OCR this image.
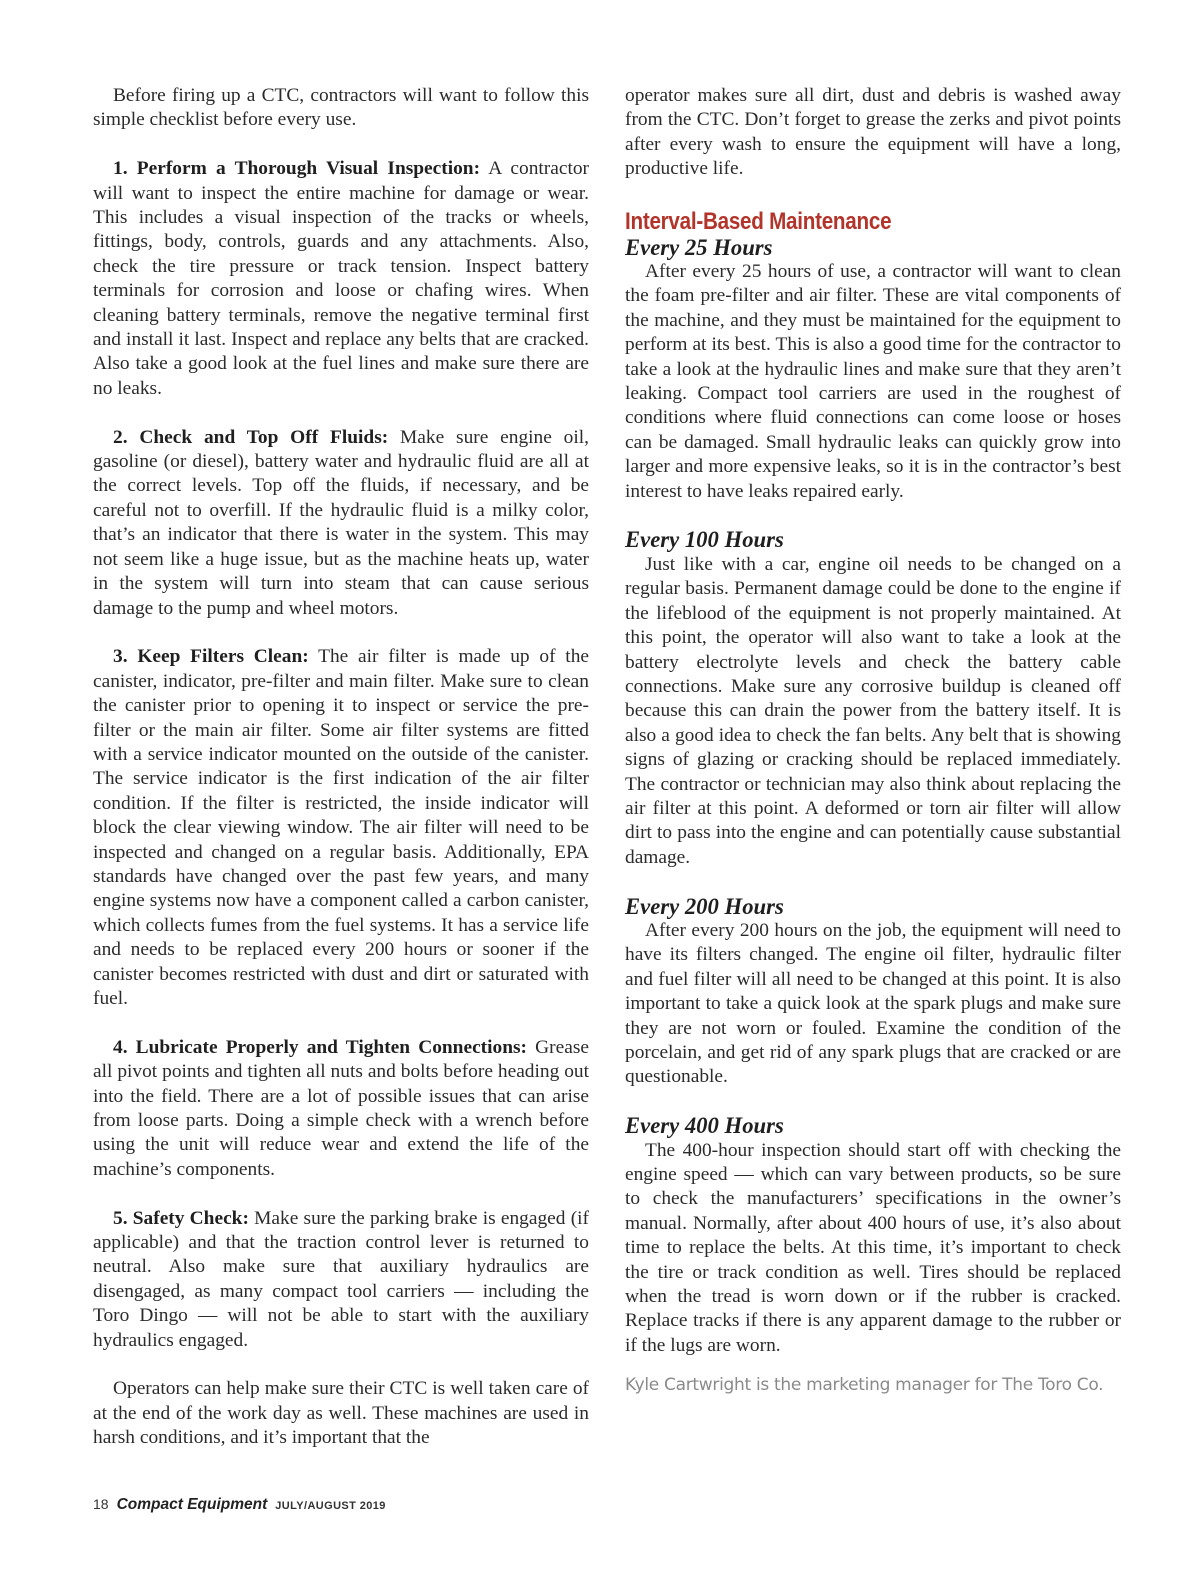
Before firing up a CTC, contractors will want to follow this simple checklist before every use.

1. Perform a Thorough Visual Inspection: A contractor will want to inspect the entire machine for damage or wear. This includes a visual inspection of the tracks or wheels, fittings, body, controls, guards and any attachments. Also, check the tire pressure or track tension. Inspect battery terminals for corrosion and loose or chafing wires. When cleaning battery terminals, remove the negative terminal first and install it last. Inspect and replace any belts that are cracked. Also take a good look at the fuel lines and make sure there are no leaks.

2. Check and Top Off Fluids: Make sure engine oil, gasoline (or diesel), battery water and hydraulic fluid are all at the correct levels. Top off the fluids, if necessary, and be careful not to overfill. If the hydraulic fluid is a milky color, that’s an indicator that there is water in the system. This may not seem like a huge issue, but as the machine heats up, water in the system will turn into steam that can cause serious damage to the pump and wheel motors.

3. Keep Filters Clean: The air filter is made up of the canister, indicator, pre-filter and main filter. Make sure to clean the canister prior to opening it to inspect or service the pre-filter or the main air filter. Some air filter systems are fitted with a service indicator mounted on the outside of the canister. The service indicator is the first indication of the air filter condition. If the filter is restricted, the inside indicator will block the clear viewing window. The air filter will need to be inspected and changed on a regular basis. Additionally, EPA standards have changed over the past few years, and many engine systems now have a component called a carbon canister, which collects fumes from the fuel systems. It has a service life and needs to be replaced every 200 hours or sooner if the canister becomes restricted with dust and dirt or saturated with fuel.

4. Lubricate Properly and Tighten Connections: Grease all pivot points and tighten all nuts and bolts before heading out into the field. There are a lot of possible issues that can arise from loose parts. Doing a simple check with a wrench before using the unit will reduce wear and extend the life of the machine’s components.

5. Safety Check: Make sure the parking brake is engaged (if applicable) and that the traction control lever is returned to neutral. Also make sure that auxiliary hydraulics are disengaged, as many compact tool carriers — including the Toro Dingo — will not be able to start with the auxiliary hydraulics engaged.

Operators can help make sure their CTC is well taken care of at the end of the work day as well. These machines are used in harsh conditions, and it’s important that the

operator makes sure all dirt, dust and debris is washed away from the CTC. Don’t forget to grease the zerks and pivot points after every wash to ensure the equipment will have a long, productive life.

Interval-Based Maintenance
Every 25 Hours

After every 25 hours of use, a contractor will want to clean the foam pre-filter and air filter. These are vital components of the machine, and they must be maintained for the equipment to perform at its best. This is also a good time for the contractor to take a look at the hydraulic lines and make sure that they aren’t leaking. Compact tool carriers are used in the roughest of conditions where fluid connections can come loose or hoses can be damaged. Small hydraulic leaks can quickly grow into larger and more expensive leaks, so it is in the contractor’s best interest to have leaks repaired early.

Every 100 Hours

Just like with a car, engine oil needs to be changed on a regular basis. Permanent damage could be done to the engine if the lifeblood of the equipment is not properly maintained. At this point, the operator will also want to take a look at the battery electrolyte levels and check the battery cable connections. Make sure any corrosive buildup is cleaned off because this can drain the power from the battery itself. It is also a good idea to check the fan belts. Any belt that is showing signs of glazing or cracking should be replaced immediately. The contractor or technician may also think about replacing the air filter at this point. A deformed or torn air filter will allow dirt to pass into the engine and can potentially cause substantial damage.

Every 200 Hours

After every 200 hours on the job, the equipment will need to have its filters changed. The engine oil filter, hydraulic filter and fuel filter will all need to be changed at this point. It is also important to take a quick look at the spark plugs and make sure they are not worn or fouled. Examine the condition of the porcelain, and get rid of any spark plugs that are cracked or are questionable.

Every 400 Hours

The 400-hour inspection should start off with checking the engine speed — which can vary between products, so be sure to check the manufacturers’ specifications in the owner’s manual. Normally, after about 400 hours of use, it’s also about time to replace the belts. At this time, it’s important to check the tire or track condition as well. Tires should be replaced when the tread is worn down or if the rubber is cracked. Replace tracks if there is any apparent damage to the rubber or if the lugs are worn.

Kyle Cartwright is the marketing manager for The Toro Co.

18 Compact Equipment JULY/AUGUST 2019
